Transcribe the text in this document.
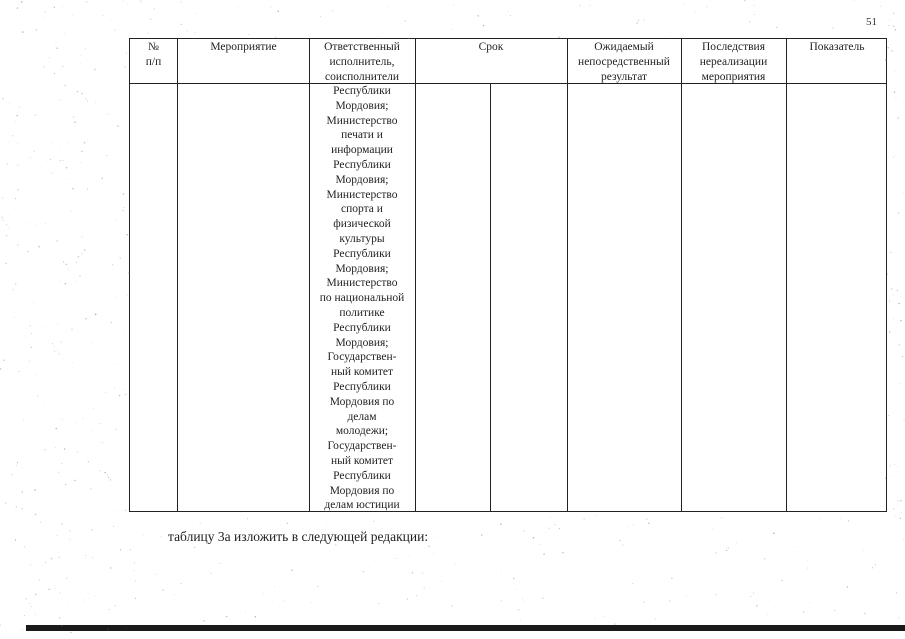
51
№
п/п
Мероприятие	Ответственный
исполнитель,
соисполнители
Срок	Ожидаемый
непосредственный
результат
Последствия
нереализации
мероприятия
Показатель
Республики
Мордовия;
Министерство
печати и
информации
Республики
Мордовия;
Министерство
спорта и
физической
культуры
Республики
Мордовия;
Министерство
по национальной
политике
Республики
Мордовия;
Государствен-
ный комитет
Республики
Мордовия по
делам
молодежи;
Государствен-
ный комитет
Республики
Мордовия по
делам юстиции
таблицу 3а изложить в следующей редакции:
